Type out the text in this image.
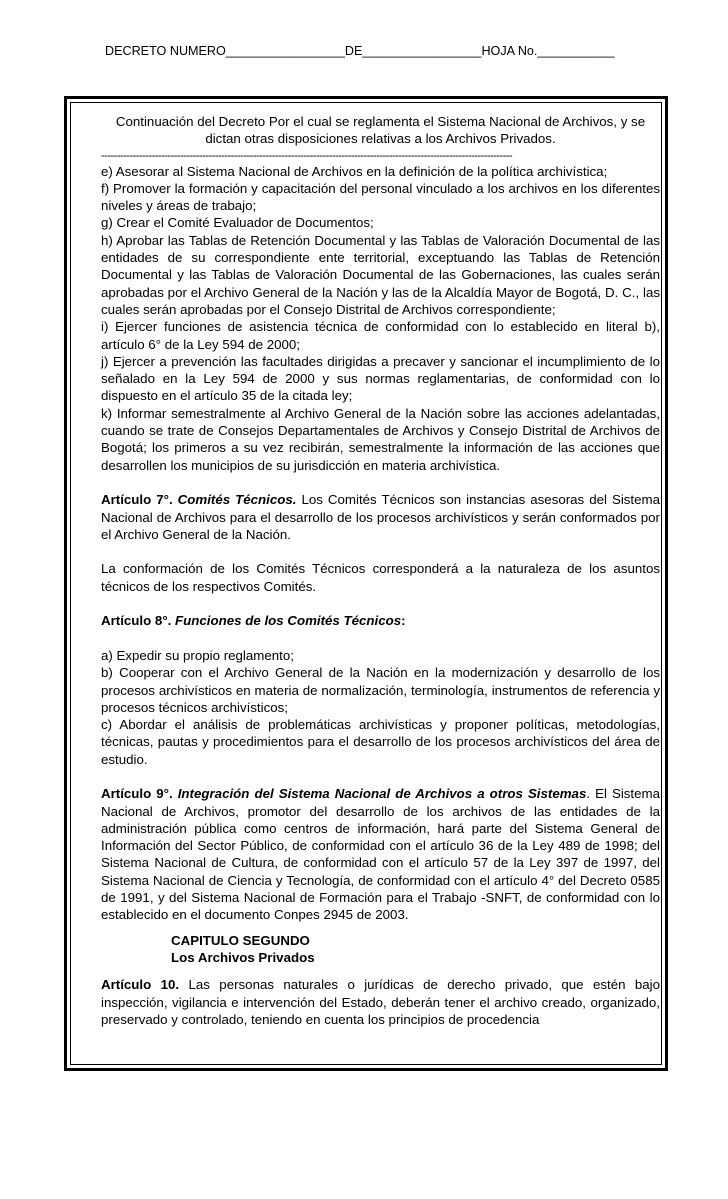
DECRETO NUMERO_________________DE_________________HOJA No.___________

Continuación del Decreto Por el cual se reglamenta el Sistema Nacional de Archivos, y se dictan otras disposiciones relativas a los Archivos Privados.

----------------------------------------------------------------------------------------------------------------------------------

e) Asesorar al Sistema Nacional de Archivos en la definición de la política archivística;

f) Promover la formación y capacitación del personal vinculado a los archivos en los diferentes niveles y áreas de trabajo;

g) Crear el Comité Evaluador de Documentos;

h) Aprobar las Tablas de Retención Documental y las Tablas de Valoración Documental de las entidades de su correspondiente ente territorial, exceptuando las Tablas de Retención Documental y las Tablas de Valoración Documental de las Gobernaciones, las cuales serán aprobadas por el Archivo General de la Nación y las de la Alcaldía Mayor de Bogotá, D. C., las cuales serán aprobadas por el Consejo Distrital de Archivos correspondiente;

i) Ejercer funciones de asistencia técnica de conformidad con lo establecido en literal b), artículo 6° de la Ley 594 de 2000;

j) Ejercer a prevención las facultades dirigidas a precaver y sancionar el incumplimiento de lo señalado en la Ley 594 de 2000 y sus normas reglamentarias, de conformidad con lo dispuesto en el artículo 35 de la citada ley;

k) Informar semestralmente al Archivo General de la Nación sobre las acciones adelantadas, cuando se trate de Consejos Departamentales de Archivos y Consejo Distrital de Archivos de Bogotá; los primeros a su vez recibirán, semestralmente la información de las acciones que desarrollen los municipios de su jurisdicción en materia archivística.

Artículo 7°. Comités Técnicos. Los Comités Técnicos son instancias asesoras del Sistema Nacional de Archivos para el desarrollo de los procesos archivísticos y serán conformados por el Archivo General de la Nación.

La conformación de los Comités Técnicos corresponderá a la naturaleza de los asuntos técnicos de los respectivos Comités.

Artículo 8°. Funciones de los Comités Técnicos:

a) Expedir su propio reglamento;

b) Cooperar con el Archivo General de la Nación en la modernización y desarrollo de los procesos archivísticos en materia de normalización, terminología, instrumentos de referencia y procesos técnicos archivísticos;

c) Abordar el análisis de problemáticas archivísticas y proponer políticas, metodologías, técnicas, pautas y procedimientos para el desarrollo de los procesos archivísticos del área de estudio.

Artículo 9°. Integración del Sistema Nacional de Archivos a otros Sistemas. El Sistema Nacional de Archivos, promotor del desarrollo de los archivos de las entidades de la administración pública como centros de información, hará parte del Sistema General de Información del Sector Público, de conformidad con el artículo 36 de la Ley 489 de 1998; del Sistema Nacional de Cultura, de conformidad con el artículo 57 de la Ley 397 de 1997, del Sistema Nacional de Ciencia y Tecnología, de conformidad con el artículo 4° del Decreto 0585 de 1991, y del Sistema Nacional de Formación para el Trabajo -SNFT, de conformidad con lo establecido en el documento Conpes 2945 de 2003.

CAPITULO SEGUNDO

Los Archivos Privados

Artículo 10. Las personas naturales o jurídicas de derecho privado, que estén bajo inspección, vigilancia e intervención del Estado, deberán tener el archivo creado, organizado, preservado y controlado, teniendo en cuenta los principios de procedencia
